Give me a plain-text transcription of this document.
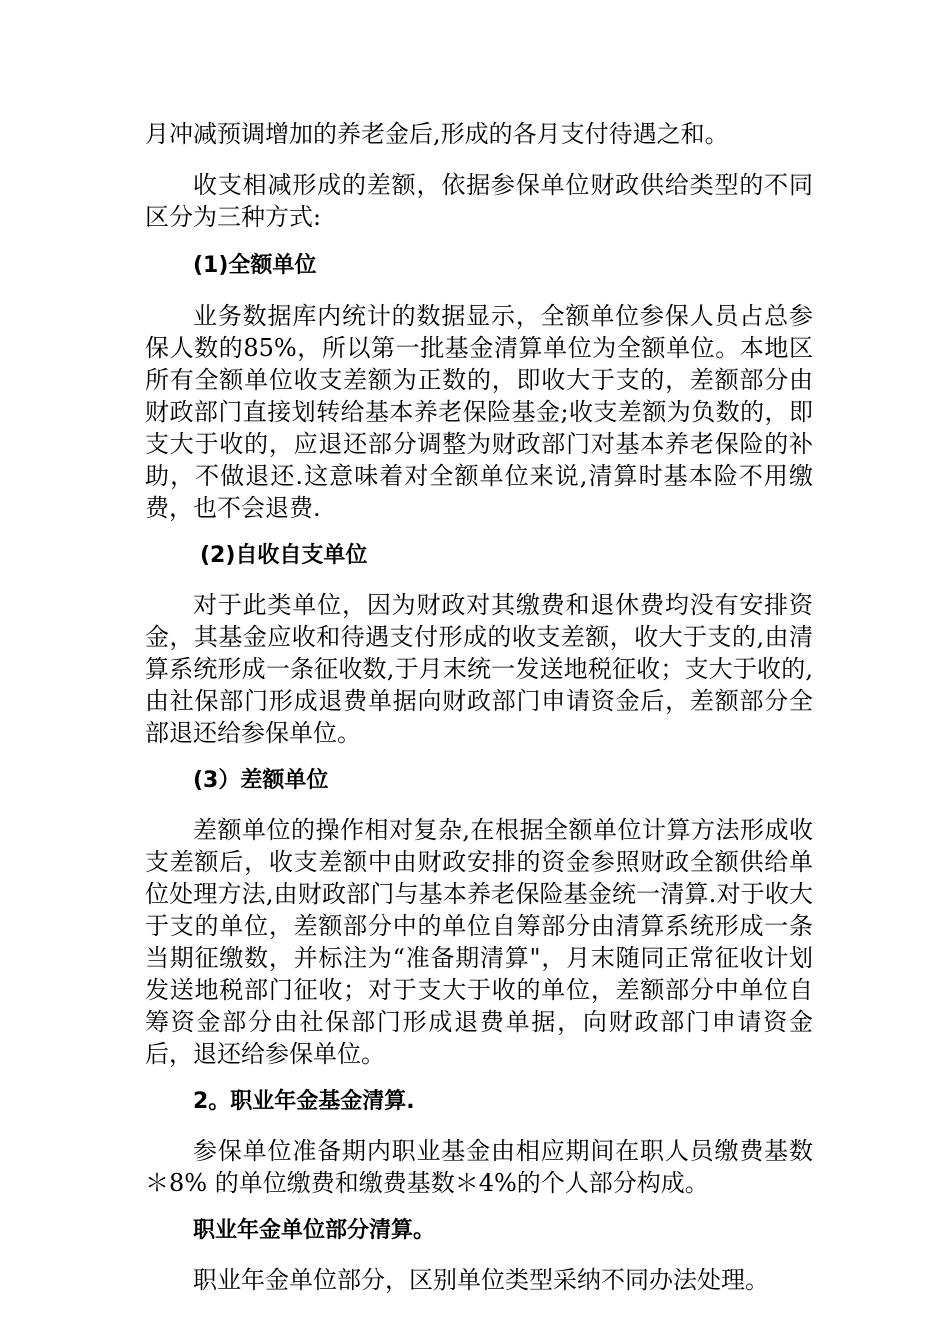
月冲减预调增加的养老金后,形成的各月支付待遇之和。

收支相减形成的差额，依据参保单位财政供给类型的不同区分为三种方式:

(1)全额单位

业务数据库内统计的数据显示，全额单位参保人员占总参保人数的85%，所以第一批基金清算单位为全额单位。本地区所有全额单位收支差额为正数的，即收大于支的，差额部分由财政部门直接划转给基本养老保险基金;收支差额为负数的，即支大于收的，应退还部分调整为财政部门对基本养老保险的补助，不做退还.这意味着对全额单位来说,清算时基本险不用缴费，也不会退费.

(2)自收自支单位

对于此类单位，因为财政对其缴费和退休费均没有安排资金，其基金应收和待遇支付形成的收支差额，收大于支的,由清算系统形成一条征收数,于月末统一发送地税征收；支大于收的,由社保部门形成退费单据向财政部门申请资金后，差额部分全部退还给参保单位。

(3）差额单位

差额单位的操作相对复杂,在根据全额单位计算方法形成收支差额后，收支差额中由财政安排的资金参照财政全额供给单位处理方法,由财政部门与基本养老保险基金统一清算.对于收大于支的单位，差额部分中的单位自筹部分由清算系统形成一条当期征缴数，并标注为“准备期清算"，月末随同正常征收计划发送地税部门征收；对于支大于收的单位，差额部分中单位自筹资金部分由社保部门形成退费单据，向财政部门申请资金后，退还给参保单位。

2。职业年金基金清算.

参保单位准备期内职业基金由相应期间在职人员缴费基数＊8% 的单位缴费和缴费基数＊4%的个人部分构成。

职业年金单位部分清算。

职业年金单位部分，区别单位类型采纳不同办法处理。
